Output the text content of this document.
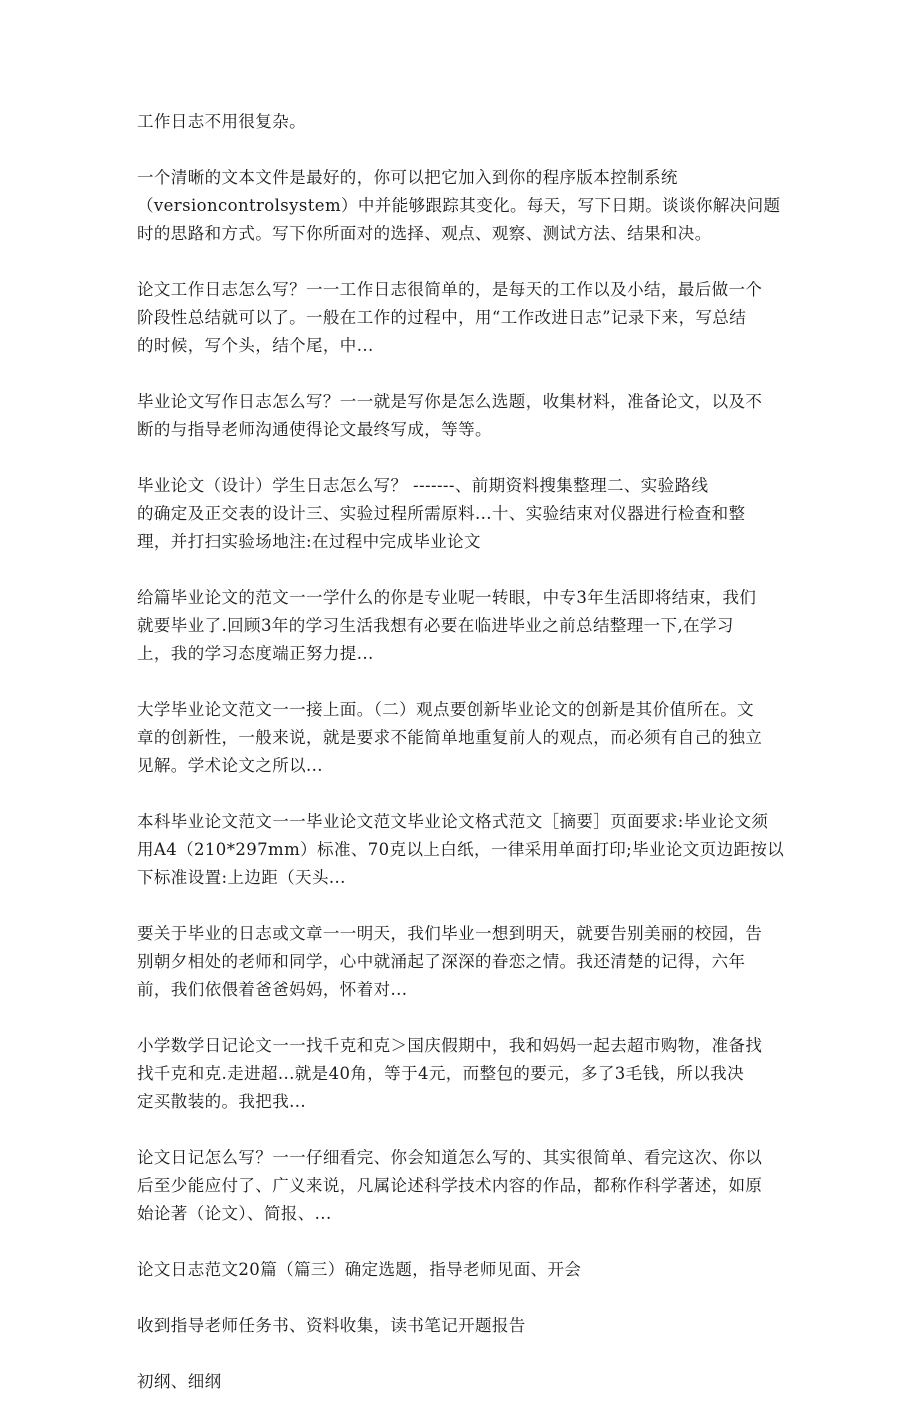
工作日志不用很复杂。

一个清晰的文本文件是最好的，你可以把它加入到你的程序版本控制系统
（versioncontrolsystem）中并能够跟踪其变化。每天，写下日期。谈谈你解决问题
时的思路和方式。写下你所面对的选择、观点、观察、测试方法、结果和决。

论文工作日志怎么写？一一工作日志很简单的，是每天的工作以及小结，最后做一个
阶段性总结就可以了。一般在工作的过程中，用“工作改进日志”记录下来，写总结
的时候，写个头，结个尾，中...

毕业论文写作日志怎么写？一一就是写你是怎么选题，收集材料，准备论文，以及不
断的与指导老师沟通使得论文最终写成，等等。

毕业论文（设计）学生日志怎么写？ -------、前期资料搜集整理二、实验路线
的确定及正交表的设计三、实验过程所需原料...十、实验结束对仪器进行检查和整
理，并打扫实验场地注:在过程中完成毕业论文

给篇毕业论文的范文一一学什么的你是专业呢一转眼，中专3年生活即将结束，我们
就要毕业了.回顾3年的学习生活我想有必要在临进毕业之前总结整理一下,在学习
上，我的学习态度端正努力提...

大学毕业论文范文一一接上面。（二）观点要创新毕业论文的创新是其价值所在。文
章的创新性，一般来说，就是要求不能简单地重复前人的观点，而必须有自己的独立
见解。学术论文之所以...

本科毕业论文范文一一毕业论文范文毕业论文格式范文［摘要］页面要求:毕业论文须
用A4（210*297mm）标准、70克以上白纸，一律采用单面打印;毕业论文页边距按以
下标准设置:上边距（天头...

要关于毕业的日志或文章一一明天，我们毕业一想到明天，就要告别美丽的校园，告
别朝夕相处的老师和同学，心中就涌起了深深的眷恋之情。我还清楚的记得，六年
前，我们依偎着爸爸妈妈，怀着对...

小学数学日记论文一一找千克和克＞国庆假期中，我和妈妈一起去超市购物，准备找
找千克和克.走进超...就是40角，等于4元，而整包的要元，多了3毛钱，所以我决
定买散装的。我把我...

论文日记怎么写？一一仔细看完、你会知道怎么写的、其实很简单、看完这次、你以
后至少能应付了、广义来说，凡属论述科学技术内容的作品，都称作科学著述，如原
始论著（论文）、简报、...

论文日志范文20篇（篇三）确定选题，指导老师见面、开会

收到指导老师任务书、资料收集，读书笔记开题报告

初纲、细纲
